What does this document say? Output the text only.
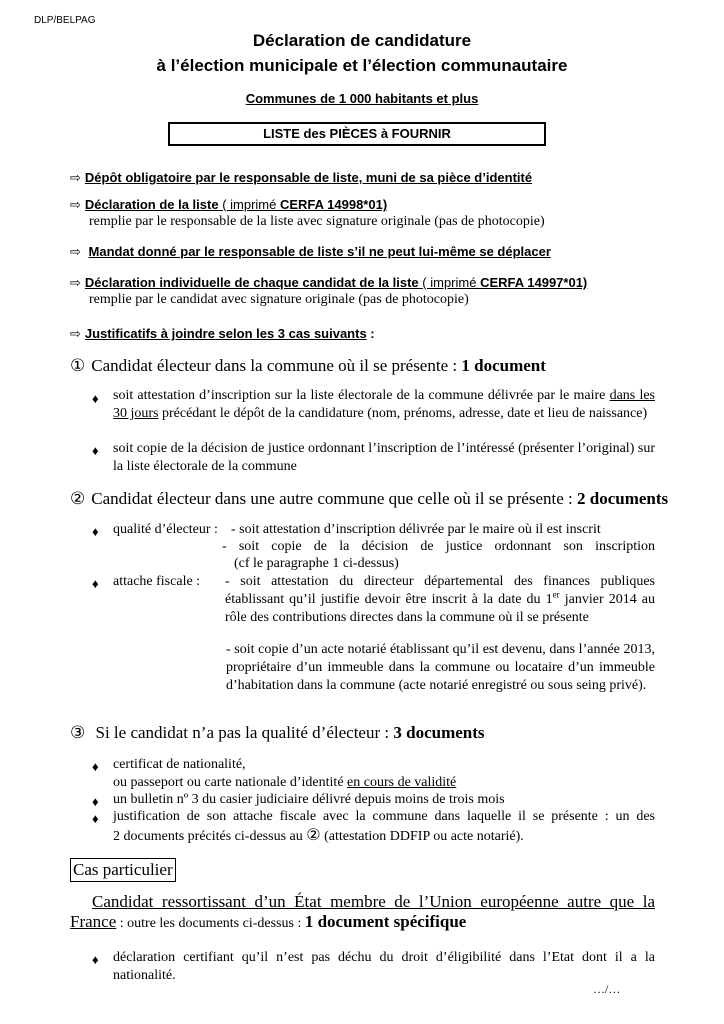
DLP/BELPAG
Déclaration de candidature
à l’élection municipale et l’élection communautaire
Communes de 1 000 habitants et plus
LISTE des PIÈCES à FOURNIR
⇨ Dépôt obligatoire par le responsable de liste, muni de sa pièce d’identité
⇨ Déclaration de la liste ( imprimé CERFA 14998*01)
remplie par le responsable de la liste avec signature originale (pas de photocopie)
⇨ Mandat donné par le responsable de liste s’il ne peut lui-même se déplacer
⇨ Déclaration individuelle de chaque candidat de la liste ( imprimé CERFA 14997*01)
remplie par le candidat avec signature originale (pas de photocopie)
⇨ Justificatifs à joindre selon les 3 cas suivants :
① Candidat électeur dans la commune où il se présente : 1 document
♦ soit attestation d’inscription sur la liste électorale de la commune délivrée par le maire dans les 30 jours précédant le dépôt de la candidature (nom, prénoms, adresse, date et lieu de naissance)
♦ soit copie de la décision de justice ordonnant l’inscription de l’intéressé (présenter l’original) sur la liste électorale de la commune
② Candidat électeur dans une autre commune que celle où il se présente : 2 documents
♦ qualité d’électeur : - soit attestation d’inscription délivrée par le maire où il est inscrit
- soit copie de la décision de justice ordonnant son inscription
(cf le paragraphe 1 ci-dessus)
♦ attache fiscale : - soit attestation du directeur départemental des finances publiques établissant qu’il justifie devoir être inscrit à la date du 1er janvier 2014 au rôle des contributions directes dans la commune où il se présente
- soit copie d’un acte notarié établissant qu’il est devenu, dans l’année 2013, propriétaire d’un immeuble dans la commune ou locataire d’un immeuble d’habitation dans la commune (acte notarié enregistré ou sous seing privé).
③ Si le candidat n’a pas la qualité d’électeur : 3 documents
♦ certificat de nationalité,
ou passeport ou carte nationale d’identité en cours de validité
♦ un bulletin nº 3 du casier judiciaire délivré depuis moins de trois mois
♦ justification de son attache fiscale avec la commune dans laquelle il se présente : un des
2 documents précités ci-dessus au ② (attestation DDFIP ou acte notarié).
Cas particulier
Candidat ressortissant d’un État membre de l’Union européenne autre que la
France : outre les documents ci-dessus : 1 document spécifique
♦ déclaration certifiant qu’il n’est pas déchu du droit d’éligibilité dans l’Etat dont il a la nationalité.
…/…
